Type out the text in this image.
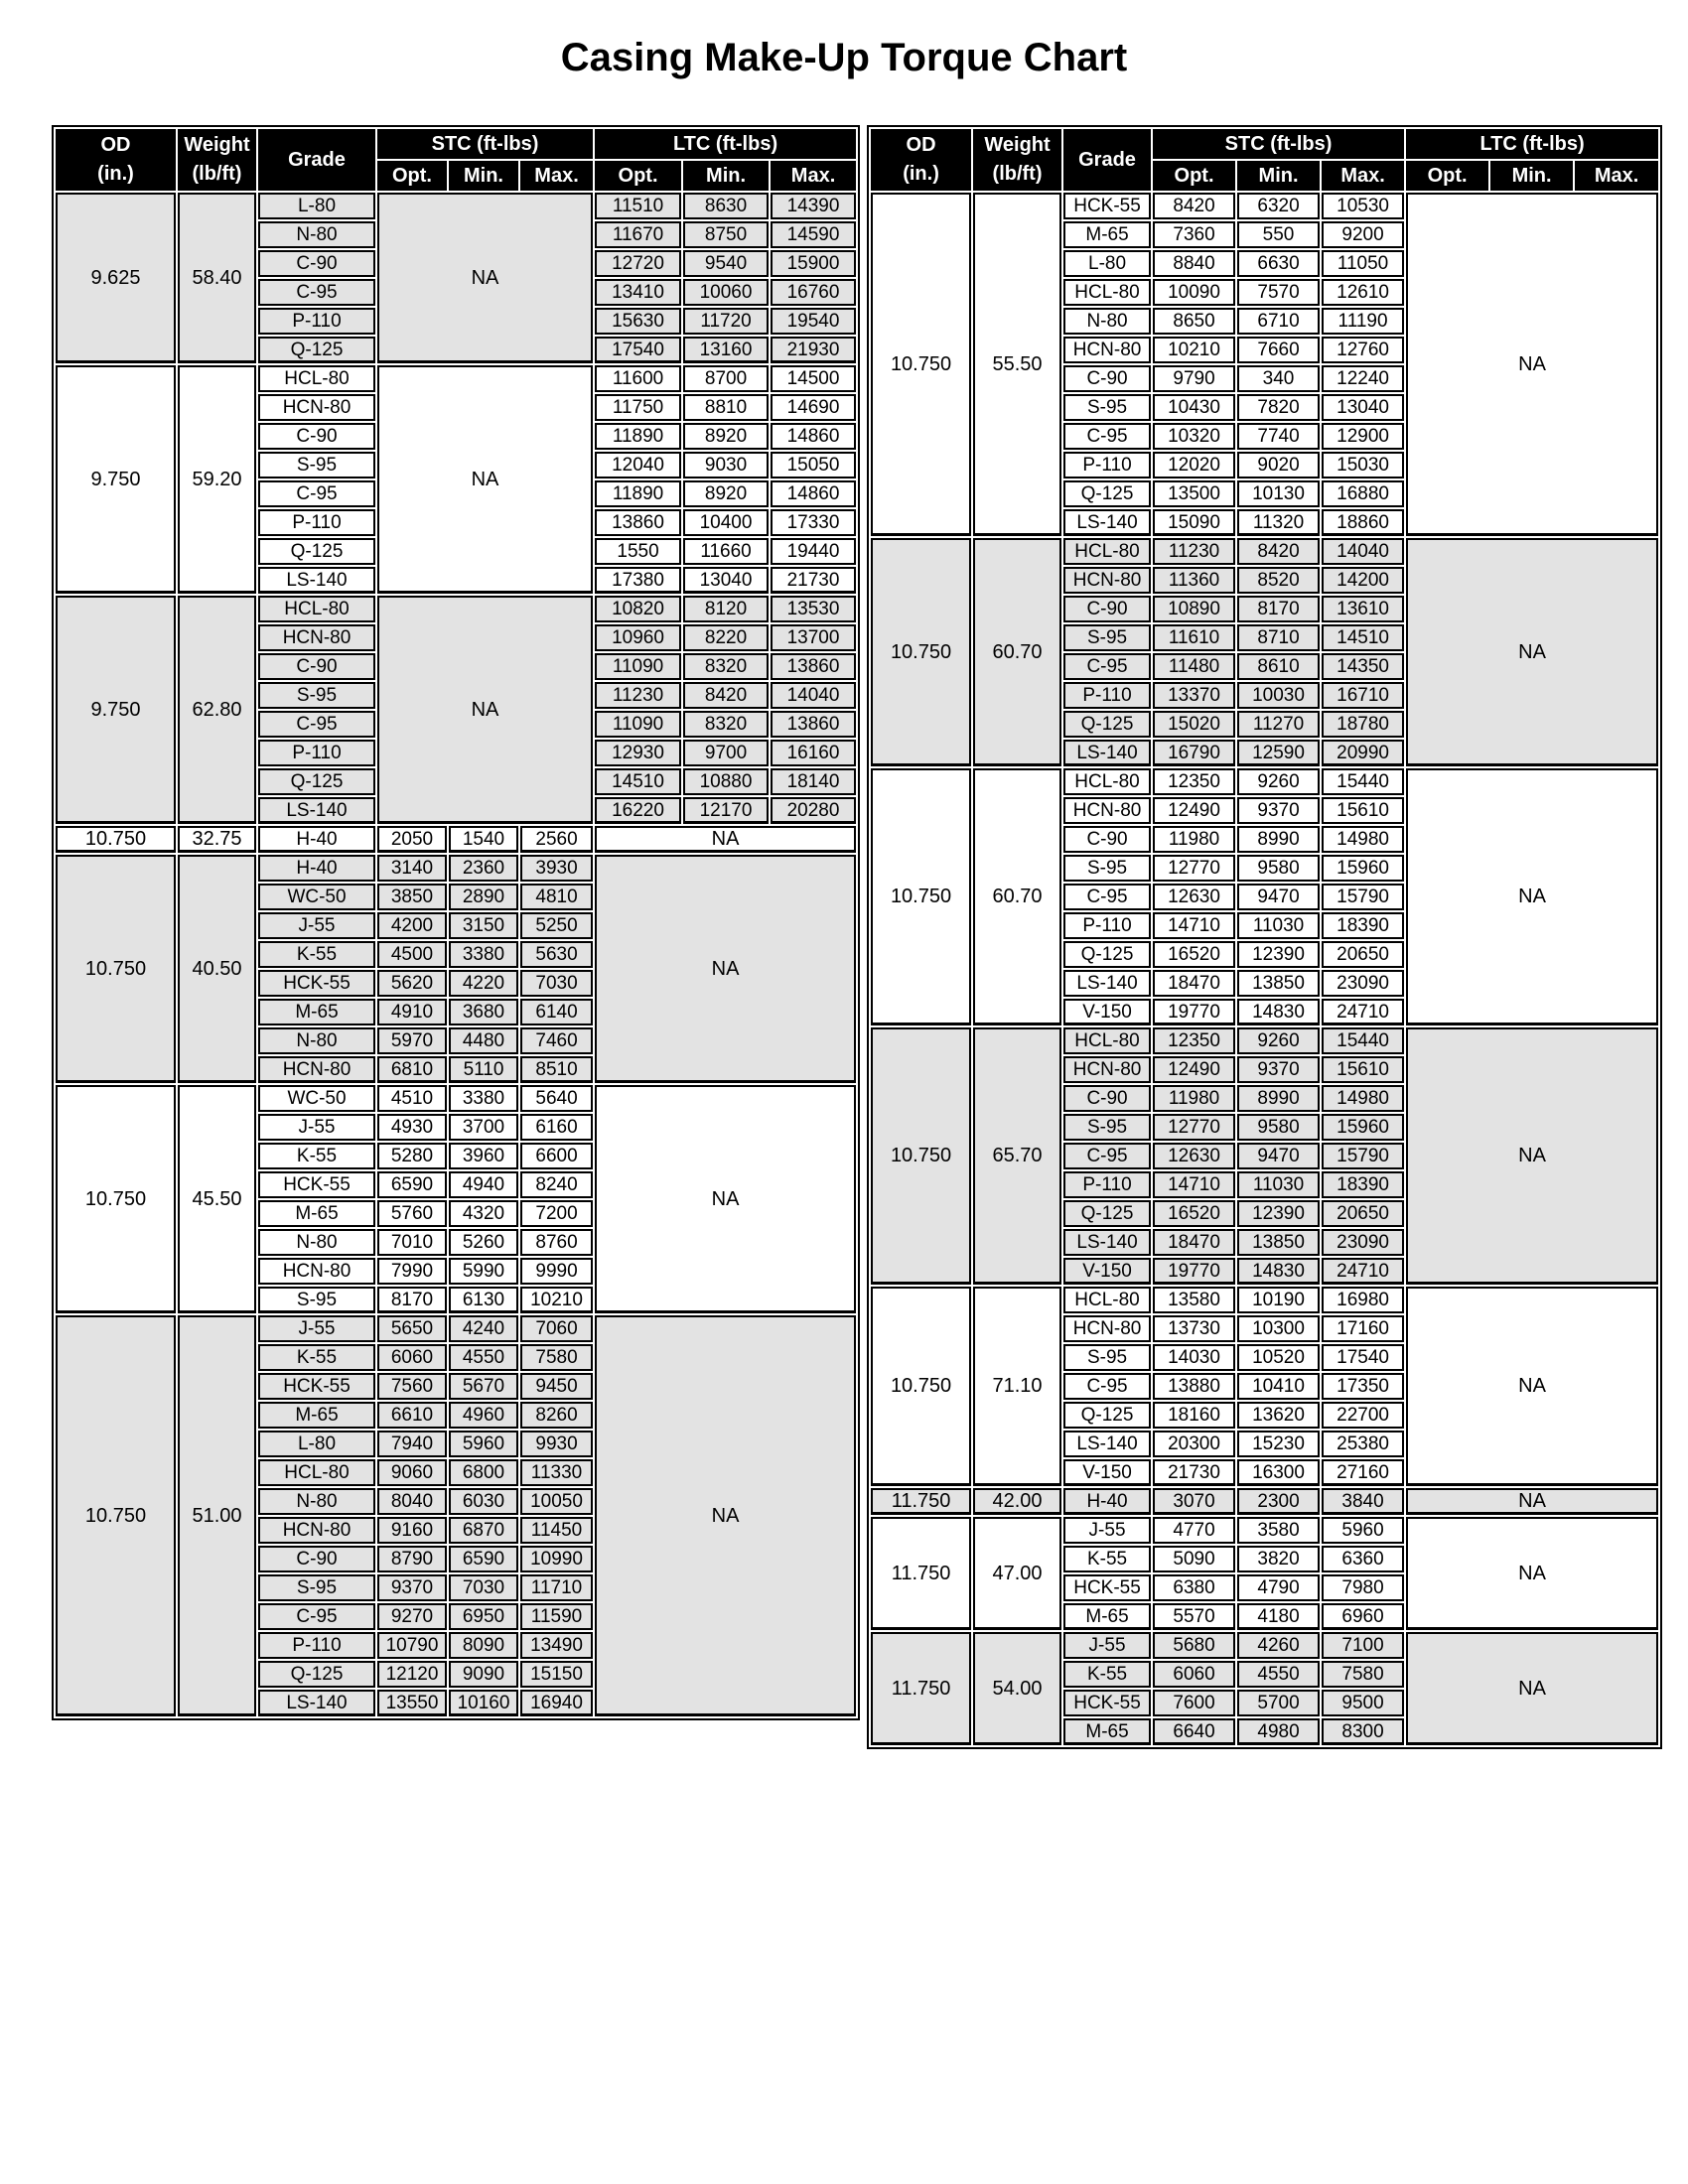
Casing Make-Up Torque Chart
OD
(in.)	Weight
(lb/ft)	Grade	STC (ft-lbs)			LTC (ft-lbs)		
			Opt.	Min.	Max.	Opt.	Min.	Max.
9.625	58.40	L-80	NA			11510	8630	14390
		N-80				11670	8750	14590
		C-90				12720	9540	15900
		C-95				13410	10060	16760
		P-110				15630	11720	19540
		Q-125				17540	13160	21930
9.750	59.20	HCL-80	NA			11600	8700	14500
		HCN-80				11750	8810	14690
		C-90				11890	8920	14860
		S-95				12040	9030	15050
		C-95				11890	8920	14860
		P-110				13860	10400	17330
		Q-125				1550	11660	19440
		LS-140				17380	13040	21730
9.750	62.80	HCL-80	NA			10820	8120	13530
		HCN-80				10960	8220	13700
		C-90				11090	8320	13860
		S-95				11230	8420	14040
		C-95				11090	8320	13860
		P-110				12930	9700	16160
		Q-125				14510	10880	18140
		LS-140				16220	12170	20280
10.750	32.75	H-40	2050	1540	2560	NA		
10.750	40.50	H-40	3140	2360	3930	NA		
		WC-50	3850	2890	4810			
		J-55	4200	3150	5250			
		K-55	4500	3380	5630			
		HCK-55	5620	4220	7030			
		M-65	4910	3680	6140			
		N-80	5970	4480	7460			
		HCN-80	6810	5110	8510			
10.750	45.50	WC-50	4510	3380	5640	NA		
		J-55	4930	3700	6160			
		K-55	5280	3960	6600			
		HCK-55	6590	4940	8240			
		M-65	5760	4320	7200			
		N-80	7010	5260	8760			
		HCN-80	7990	5990	9990			
		S-95	8170	6130	10210			
10.750	51.00	J-55	5650	4240	7060	NA		
		K-55	6060	4550	7580			
		HCK-55	7560	5670	9450			
		M-65	6610	4960	8260			
		L-80	7940	5960	9930			
		HCL-80	9060	6800	11330			
		N-80	8040	6030	10050			
		HCN-80	9160	6870	11450			
		C-90	8790	6590	10990			
		S-95	9370	7030	11710			
		C-95	9270	6950	11590			
		P-110	10790	8090	13490			
		Q-125	12120	9090	15150			
		LS-140	13550	10160	16940			
OD
(in.)	Weight
(lb/ft)	Grade	STC (ft-lbs)			LTC (ft-lbs)		
			Opt.	Min.	Max.	Opt.	Min.	Max.
10.750	55.50	HCK-55	8420	6320	10530	NA		
		M-65	7360	550	9200			
		L-80	8840	6630	11050			
		HCL-80	10090	7570	12610			
		N-80	8650	6710	11190			
		HCN-80	10210	7660	12760			
		C-90	9790	340	12240			
		S-95	10430	7820	13040			
		C-95	10320	7740	12900			
		P-110	12020	9020	15030			
		Q-125	13500	10130	16880			
		LS-140	15090	11320	18860			
10.750	60.70	HCL-80	11230	8420	14040	NA		
		HCN-80	11360	8520	14200			
		C-90	10890	8170	13610			
		S-95	11610	8710	14510			
		C-95	11480	8610	14350			
		P-110	13370	10030	16710			
		Q-125	15020	11270	18780			
		LS-140	16790	12590	20990			
10.750	60.70	HCL-80	12350	9260	15440	NA		
		HCN-80	12490	9370	15610			
		C-90	11980	8990	14980			
		S-95	12770	9580	15960			
		C-95	12630	9470	15790			
		P-110	14710	11030	18390			
		Q-125	16520	12390	20650			
		LS-140	18470	13850	23090			
		V-150	19770	14830	24710			
10.750	65.70	HCL-80	12350	9260	15440	NA		
		HCN-80	12490	9370	15610			
		C-90	11980	8990	14980			
		S-95	12770	9580	15960			
		C-95	12630	9470	15790			
		P-110	14710	11030	18390			
		Q-125	16520	12390	20650			
		LS-140	18470	13850	23090			
		V-150	19770	14830	24710			
10.750	71.10	HCL-80	13580	10190	16980	NA		
		HCN-80	13730	10300	17160			
		S-95	14030	10520	17540			
		C-95	13880	10410	17350			
		Q-125	18160	13620	22700			
		LS-140	20300	15230	25380			
		V-150	21730	16300	27160			
11.750	42.00	H-40	3070	2300	3840	NA		
11.750	47.00	J-55	4770	3580	5960	NA		
		K-55	5090	3820	6360			
		HCK-55	6380	4790	7980			
		M-65	5570	4180	6960			
11.750	54.00	J-55	5680	4260	7100	NA		
		K-55	6060	4550	7580			
		HCK-55	7600	5700	9500			
		M-65	6640	4980	8300			
